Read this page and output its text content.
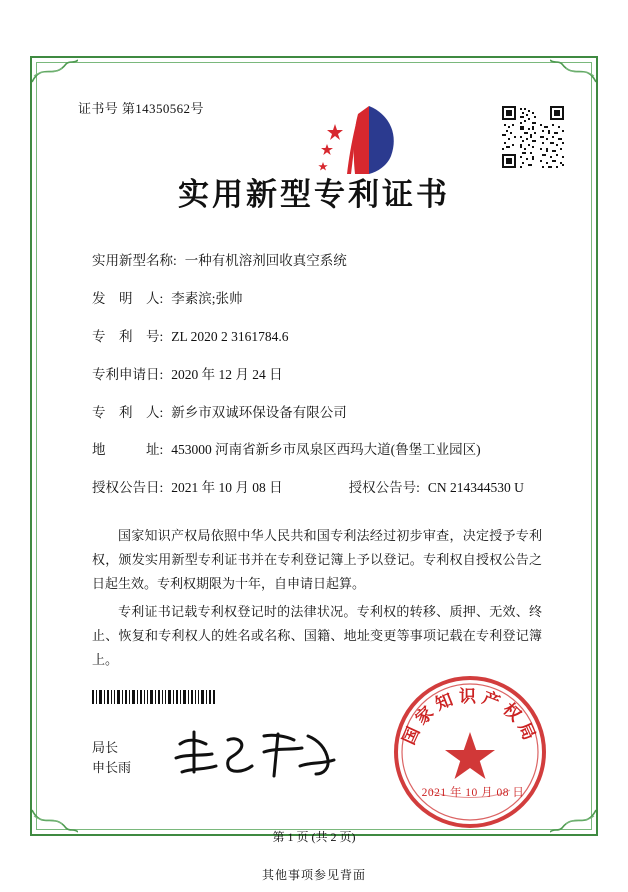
证书号 第14350562号
实用新型专利证书
实用新型名称: 一种有机溶剂回收真空系统
发　明　人: 李素滨;张帅
专　利　号: ZL 2020 2 3161784.6
专利申请日: 2020 年 12 月 24 日
专　利　人: 新乡市双诚环保设备有限公司
地　　　址: 453000 河南省新乡市凤泉区西玛大道(鲁堡工业园区)
授权公告日: 2021 年 10 月 08 日	授权公告号: CN 214344530 U

国家知识产权局依照中华人民共和国专利法经过初步审查，决定授予专利权，颁发实用新型专利证书并在专利登记簿上予以登记。专利权自授权公告之日起生效。专利权期限为十年，自申请日起算。

专利证书记载专利权登记时的法律状况。专利权的转移、质押、无效、终止、恢复和专利权人的姓名或名称、国籍、地址变更等事项记载在专利登记簿上。

局长
申长雨
国家知识产权局
2021 年 10 月 08 日
第 1 页 (共 2 页)
其他事项参见背面
